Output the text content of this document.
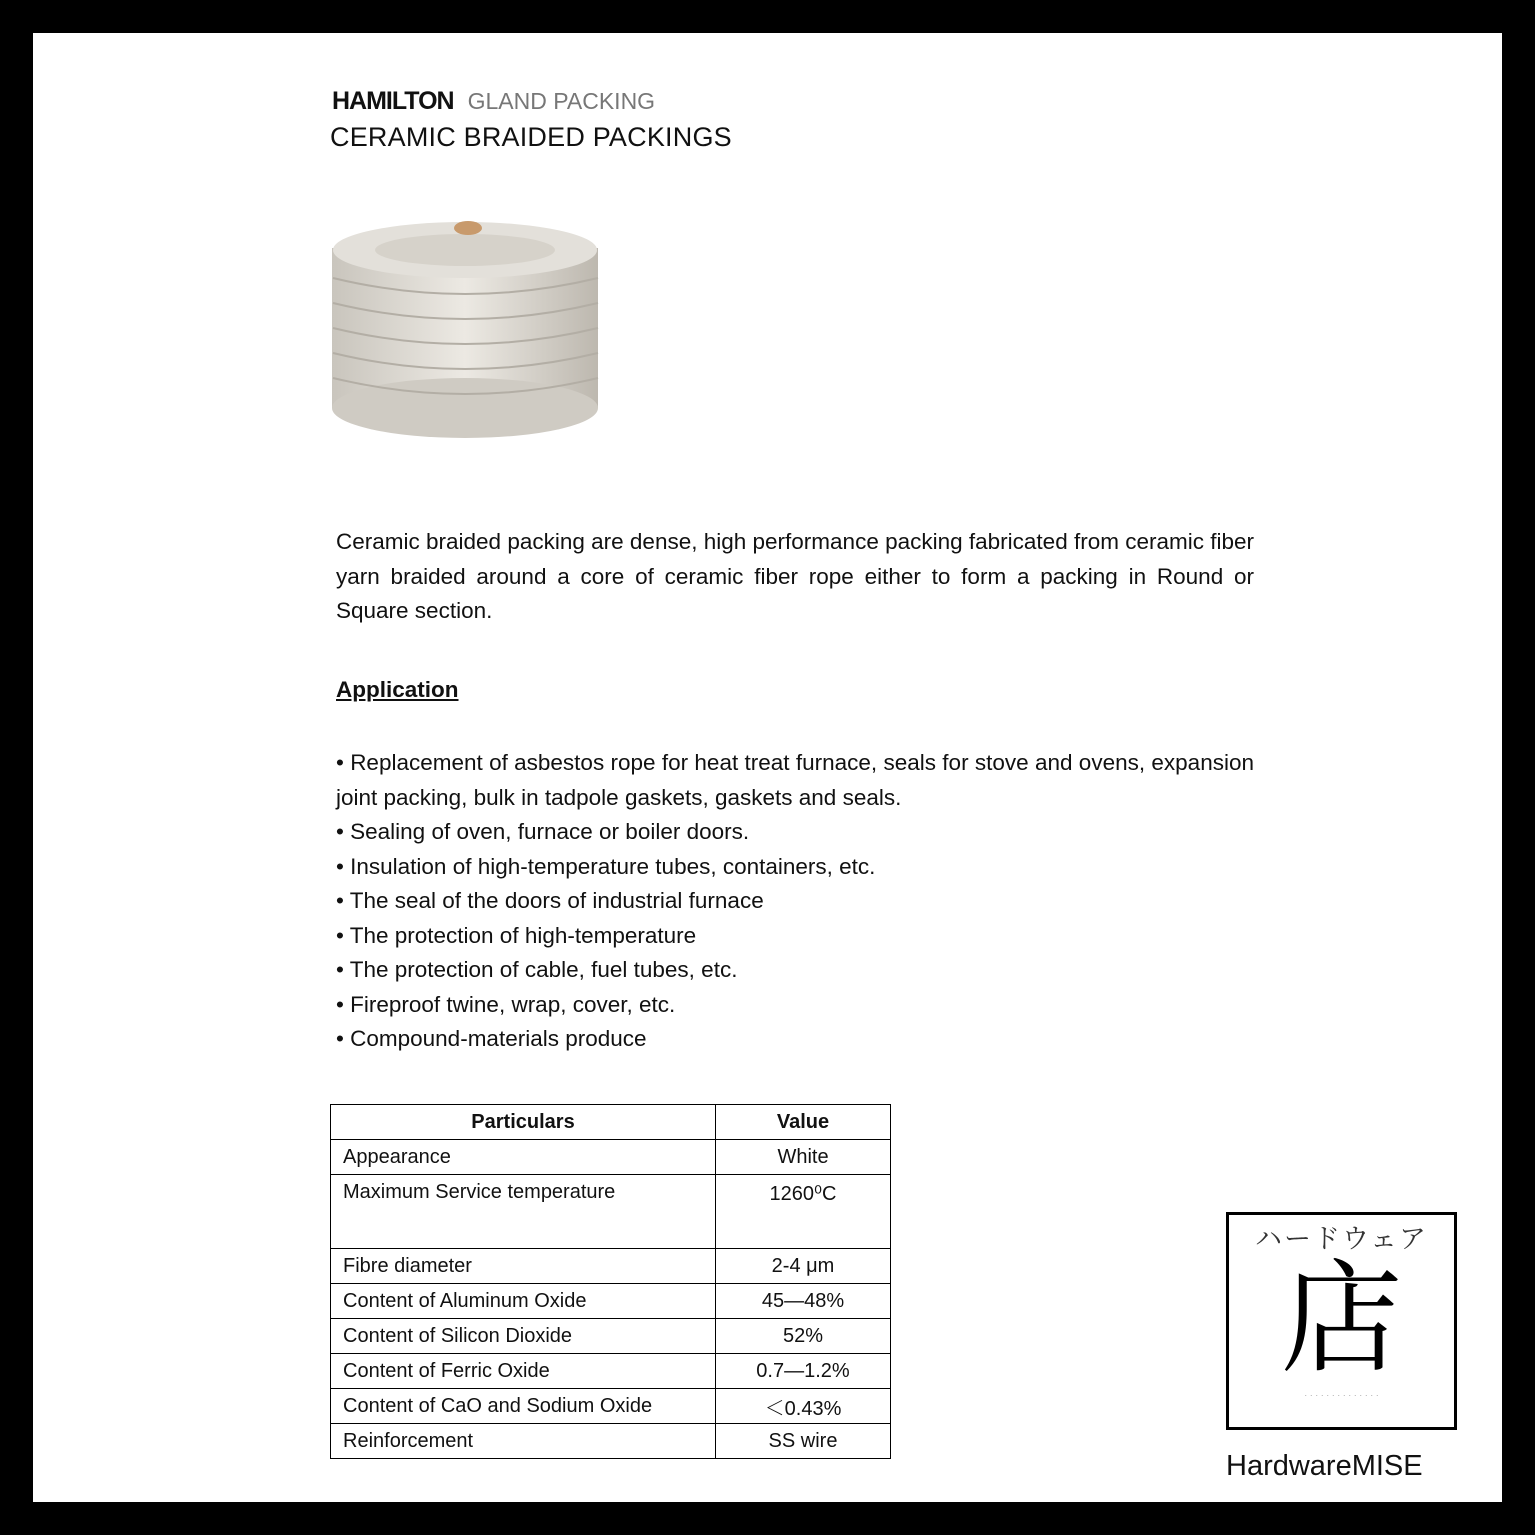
HAMILTON GLAND PACKING
CERAMIC BRAIDED PACKINGS
Ceramic braided packing are dense, high performance packing fabricated from ceramic fiber yarn braided around a core of ceramic fiber rope either to form a packing in Round or Square section.
Application
• Replacement of asbestos rope for heat treat furnace, seals for stove and ovens, expansion joint packing, bulk in tadpole gaskets, gaskets and seals.
• Sealing of oven, furnace or boiler doors.
• Insulation of high-temperature tubes, containers, etc.
• The seal of the doors of industrial furnace
• The protection of high-temperature
• The protection of cable, fuel tubes, etc.
• Fireproof twine, wrap, cover, etc.
• Compound-materials produce
Particulars	Value
Appearance	White
Maximum Service temperature	1260⁰C
Fibre diameter	2-4 μm
Content of Aluminum Oxide	45—48%
Content of Silicon Dioxide	52%
Content of Ferric Oxide	0.7—1.2%
Content of CaO and Sodium Oxide	＜0.43%
Reinforcement	SS wire
ハードウェア
店
· · · · · · · · · · · · · ·
HardwareMISE
